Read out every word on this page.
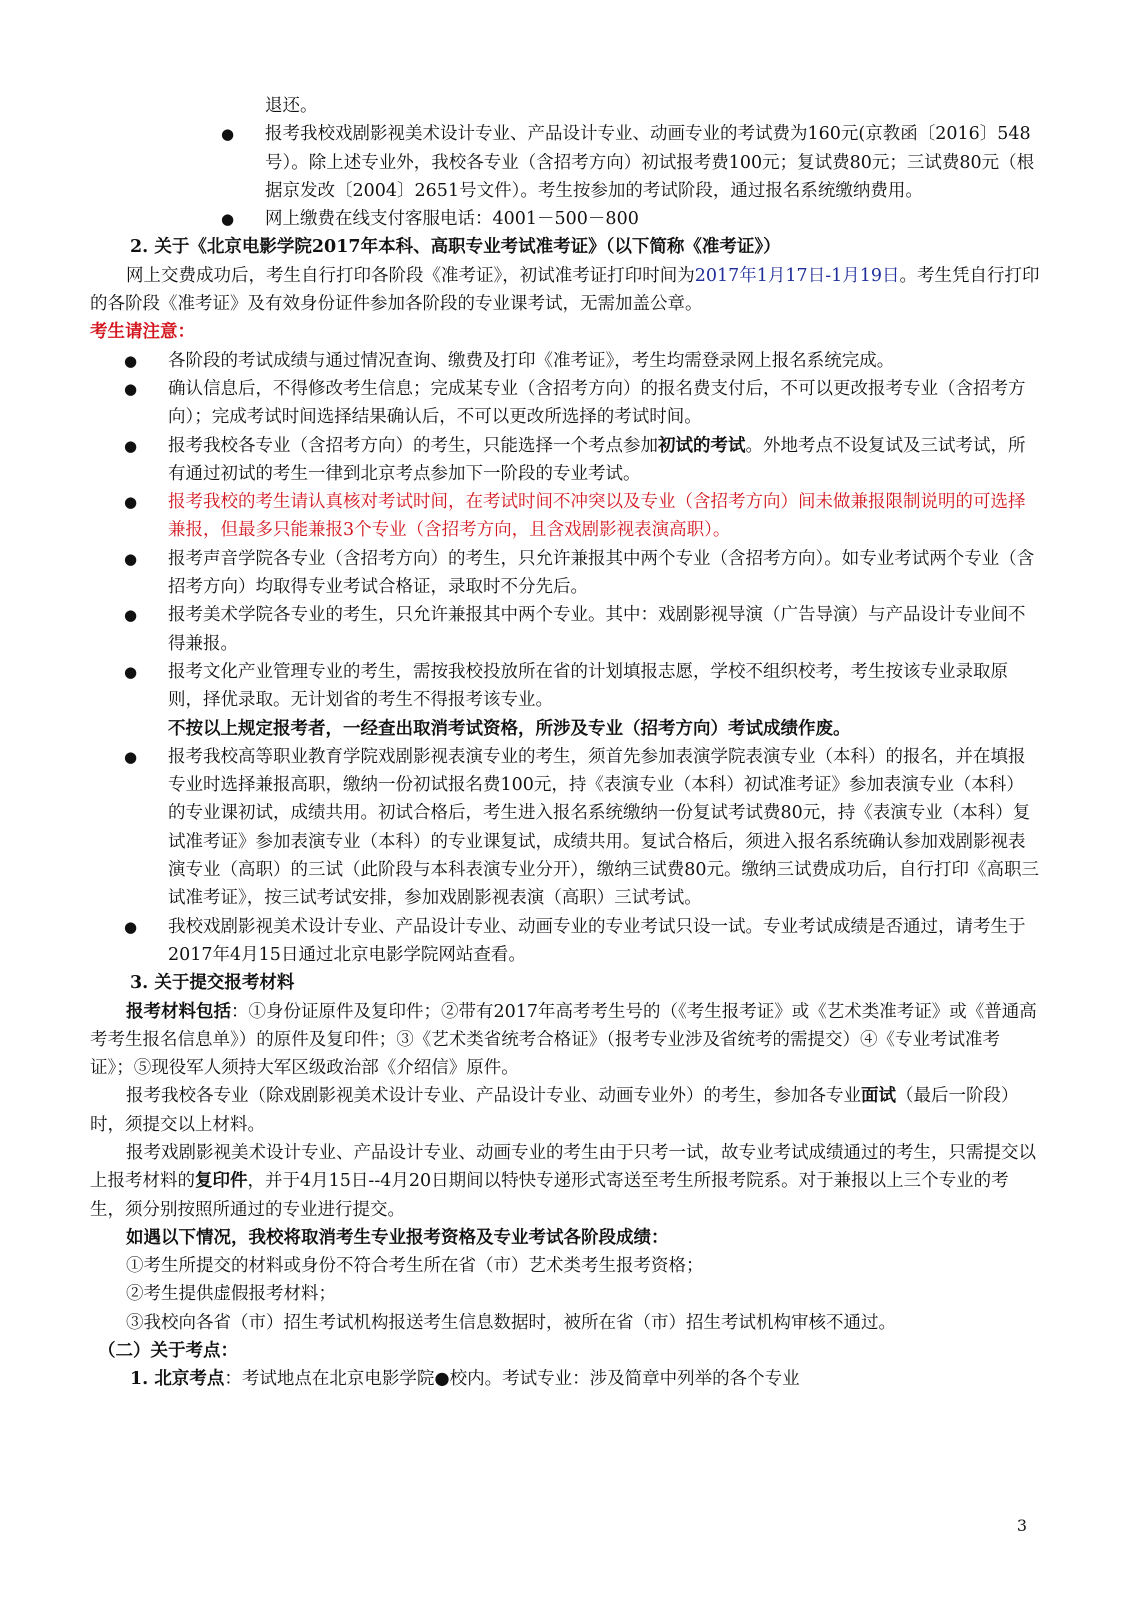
退还。

● 报考我校戏剧影视美术设计专业、产品设计专业、动画专业的考试费为160元(京教函〔2016〕548号）。除上述专业外，我校各专业（含招考方向）初试报考费100元；复试费80元；三试费80元（根据京发改〔2004〕2651号文件）。考生按参加的考试阶段，通过报名系统缴纳费用。
● 网上缴费在线支付客服电话：4001－500－800

2. 关于《北京电影学院2017年本科、高职专业考试准考证》（以下简称《准考证》）

网上交费成功后，考生自行打印各阶段《准考证》，初试准考证打印时间为2017年1月17日-1月19日。考生凭自行打印的各阶段《准考证》及有效身份证件参加各阶段的专业课考试，无需加盖公章。

考生请注意：

● 各阶段的考试成绩与通过情况查询、缴费及打印《准考证》，考生均需登录网上报名系统完成。
● 确认信息后，不得修改考生信息；完成某专业（含招考方向）的报名费支付后，不可以更改报考专业（含招考方向）；完成考试时间选择结果确认后，不可以更改所选择的考试时间。
● 报考我校各专业（含招考方向）的考生，只能选择一个考点参加初试的考试。外地考点不设复试及三试考试，所有通过初试的考生一律到北京考点参加下一阶段的专业考试。
● 报考我校的考生请认真核对考试时间，在考试时间不冲突以及专业（含招考方向）间未做兼报限制说明的可选择兼报，但最多只能兼报3个专业（含招考方向，且含戏剧影视表演高职）。
● 报考声音学院各专业（含招考方向）的考生，只允许兼报其中两个专业（含招考方向）。如专业考试两个专业（含招考方向）均取得专业考试合格证，录取时不分先后。
● 报考美术学院各专业的考生，只允许兼报其中两个专业。其中：戏剧影视导演（广告导演）与产品设计专业间不得兼报。
● 报考文化产业管理专业的考生，需按我校投放所在省的计划填报志愿，学校不组织校考，考生按该专业录取原则，择优录取。无计划省的考生不得报考该专业。

不按以上规定报考者，一经查出取消考试资格，所涉及专业（招考方向）考试成绩作废。

● 报考我校高等职业教育学院戏剧影视表演专业的考生，须首先参加表演学院表演专业（本科）的报名，并在填报专业时选择兼报高职，缴纳一份初试报名费100元，持《表演专业（本科）初试准考证》参加表演专业（本科）的专业课初试，成绩共用。初试合格后，考生进入报名系统缴纳一份复试考试费80元，持《表演专业（本科）复试准考证》参加表演专业（本科）的专业课复试，成绩共用。复试合格后，须进入报名系统确认参加戏剧影视表演专业（高职）的三试（此阶段与本科表演专业分开），缴纳三试费80元。缴纳三试费成功后，自行打印《高职三试准考证》，按三试考试安排，参加戏剧影视表演（高职）三试考试。
● 我校戏剧影视美术设计专业、产品设计专业、动画专业的专业考试只设一试。专业考试成绩是否通过，请考生于2017年4月15日通过北京电影学院网站查看。

3. 关于提交报考材料

报考材料包括：①身份证原件及复印件；②带有2017年高考考生号的（《考生报考证》或《艺术类准考证》或《普通高考考生报名信息单》）的原件及复印件；③《艺术类省统考合格证》（报考专业涉及省统考的需提交）④《专业考试准考证》；⑤现役军人须持大军区级政治部《介绍信》原件。

报考我校各专业（除戏剧影视美术设计专业、产品设计专业、动画专业外）的考生，参加各专业面试（最后一阶段）时，须提交以上材料。

报考戏剧影视美术设计专业、产品设计专业、动画专业的考生由于只考一试，故专业考试成绩通过的考生，只需提交以上报考材料的复印件，并于4月15日--4月20日期间以特快专递形式寄送至考生所报考院系。对于兼报以上三个专业的考生，须分别按照所通过的专业进行提交。

如遇以下情况，我校将取消考生专业报考资格及专业考试各阶段成绩：

①考生所提交的材料或身份不符合考生所在省（市）艺术类考生报考资格；

②考生提供虚假报考材料；

③我校向各省（市）招生考试机构报送考生信息数据时，被所在省（市）招生考试机构审核不通过。

（二）关于考点：

1. 北京考点：考试地点在北京电影学院●校内。考试专业：涉及简章中列举的各个专业

3
